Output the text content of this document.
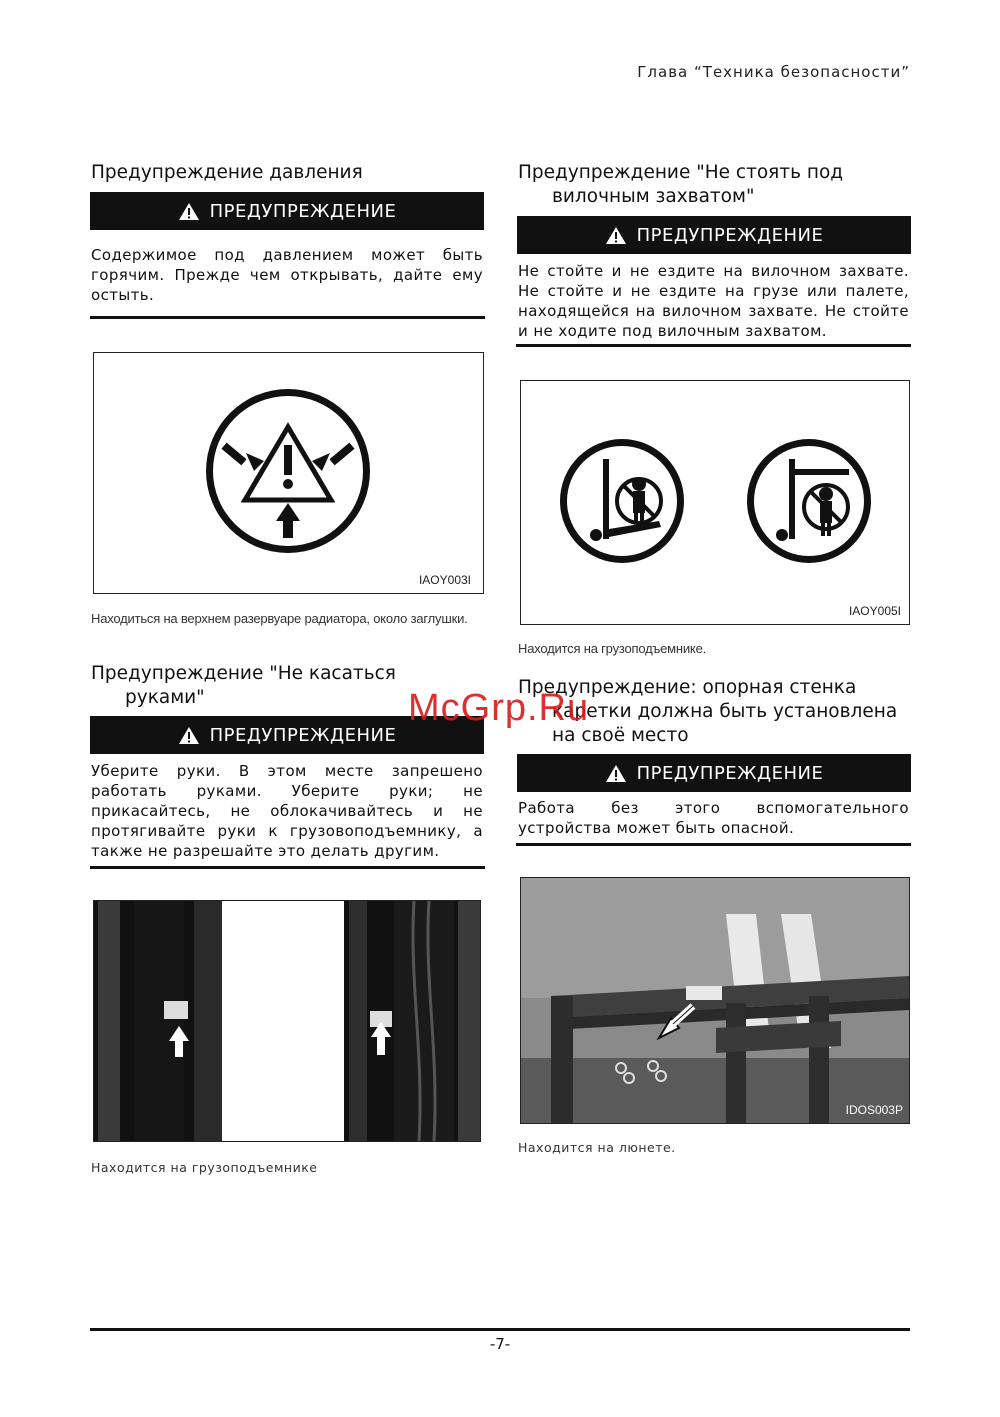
Глава “Техника безопасности”
Предупреждение давления
ПРЕДУПРЕЖДЕНИЕ
Содержимое под давлением может быть горячим. Прежде чем открывать, дайте ему остыть.
IAOY003I
Находиться на верхнем разервуаре радиатора, около заглушки.
Предупреждение "Не касаться
руками"
ПРЕДУПРЕЖДЕНИЕ
Уберите руки. В этом месте запрешено работать руками. Уберите руки; не прикасайтесь, не облокачивайтесь и не протягивайте руки к грузовоподъемнику, а также не разрешайте это делать другим.
Находится на грузоподъемнике
Предупреждение "Не стоять под
вилочным захватом"
ПРЕДУПРЕЖДЕНИЕ
Не стойте и не ездите на вилочном захвате. Не стойте и не ездите на грузе или палете, находящейся на вилочном захвате. Не стойте и не ходите под вилочным захватом.
IAOY005I
Находится на грузоподъемнике.
Предупреждение: опорная стенка
каретки должна быть установлена
на своё место
ПРЕДУПРЕЖДЕНИЕ
Работа без этого вспомогательного устройства может быть опасной.
IDOS003P
Находится на люнете.
McGrp.Ru
-7-
